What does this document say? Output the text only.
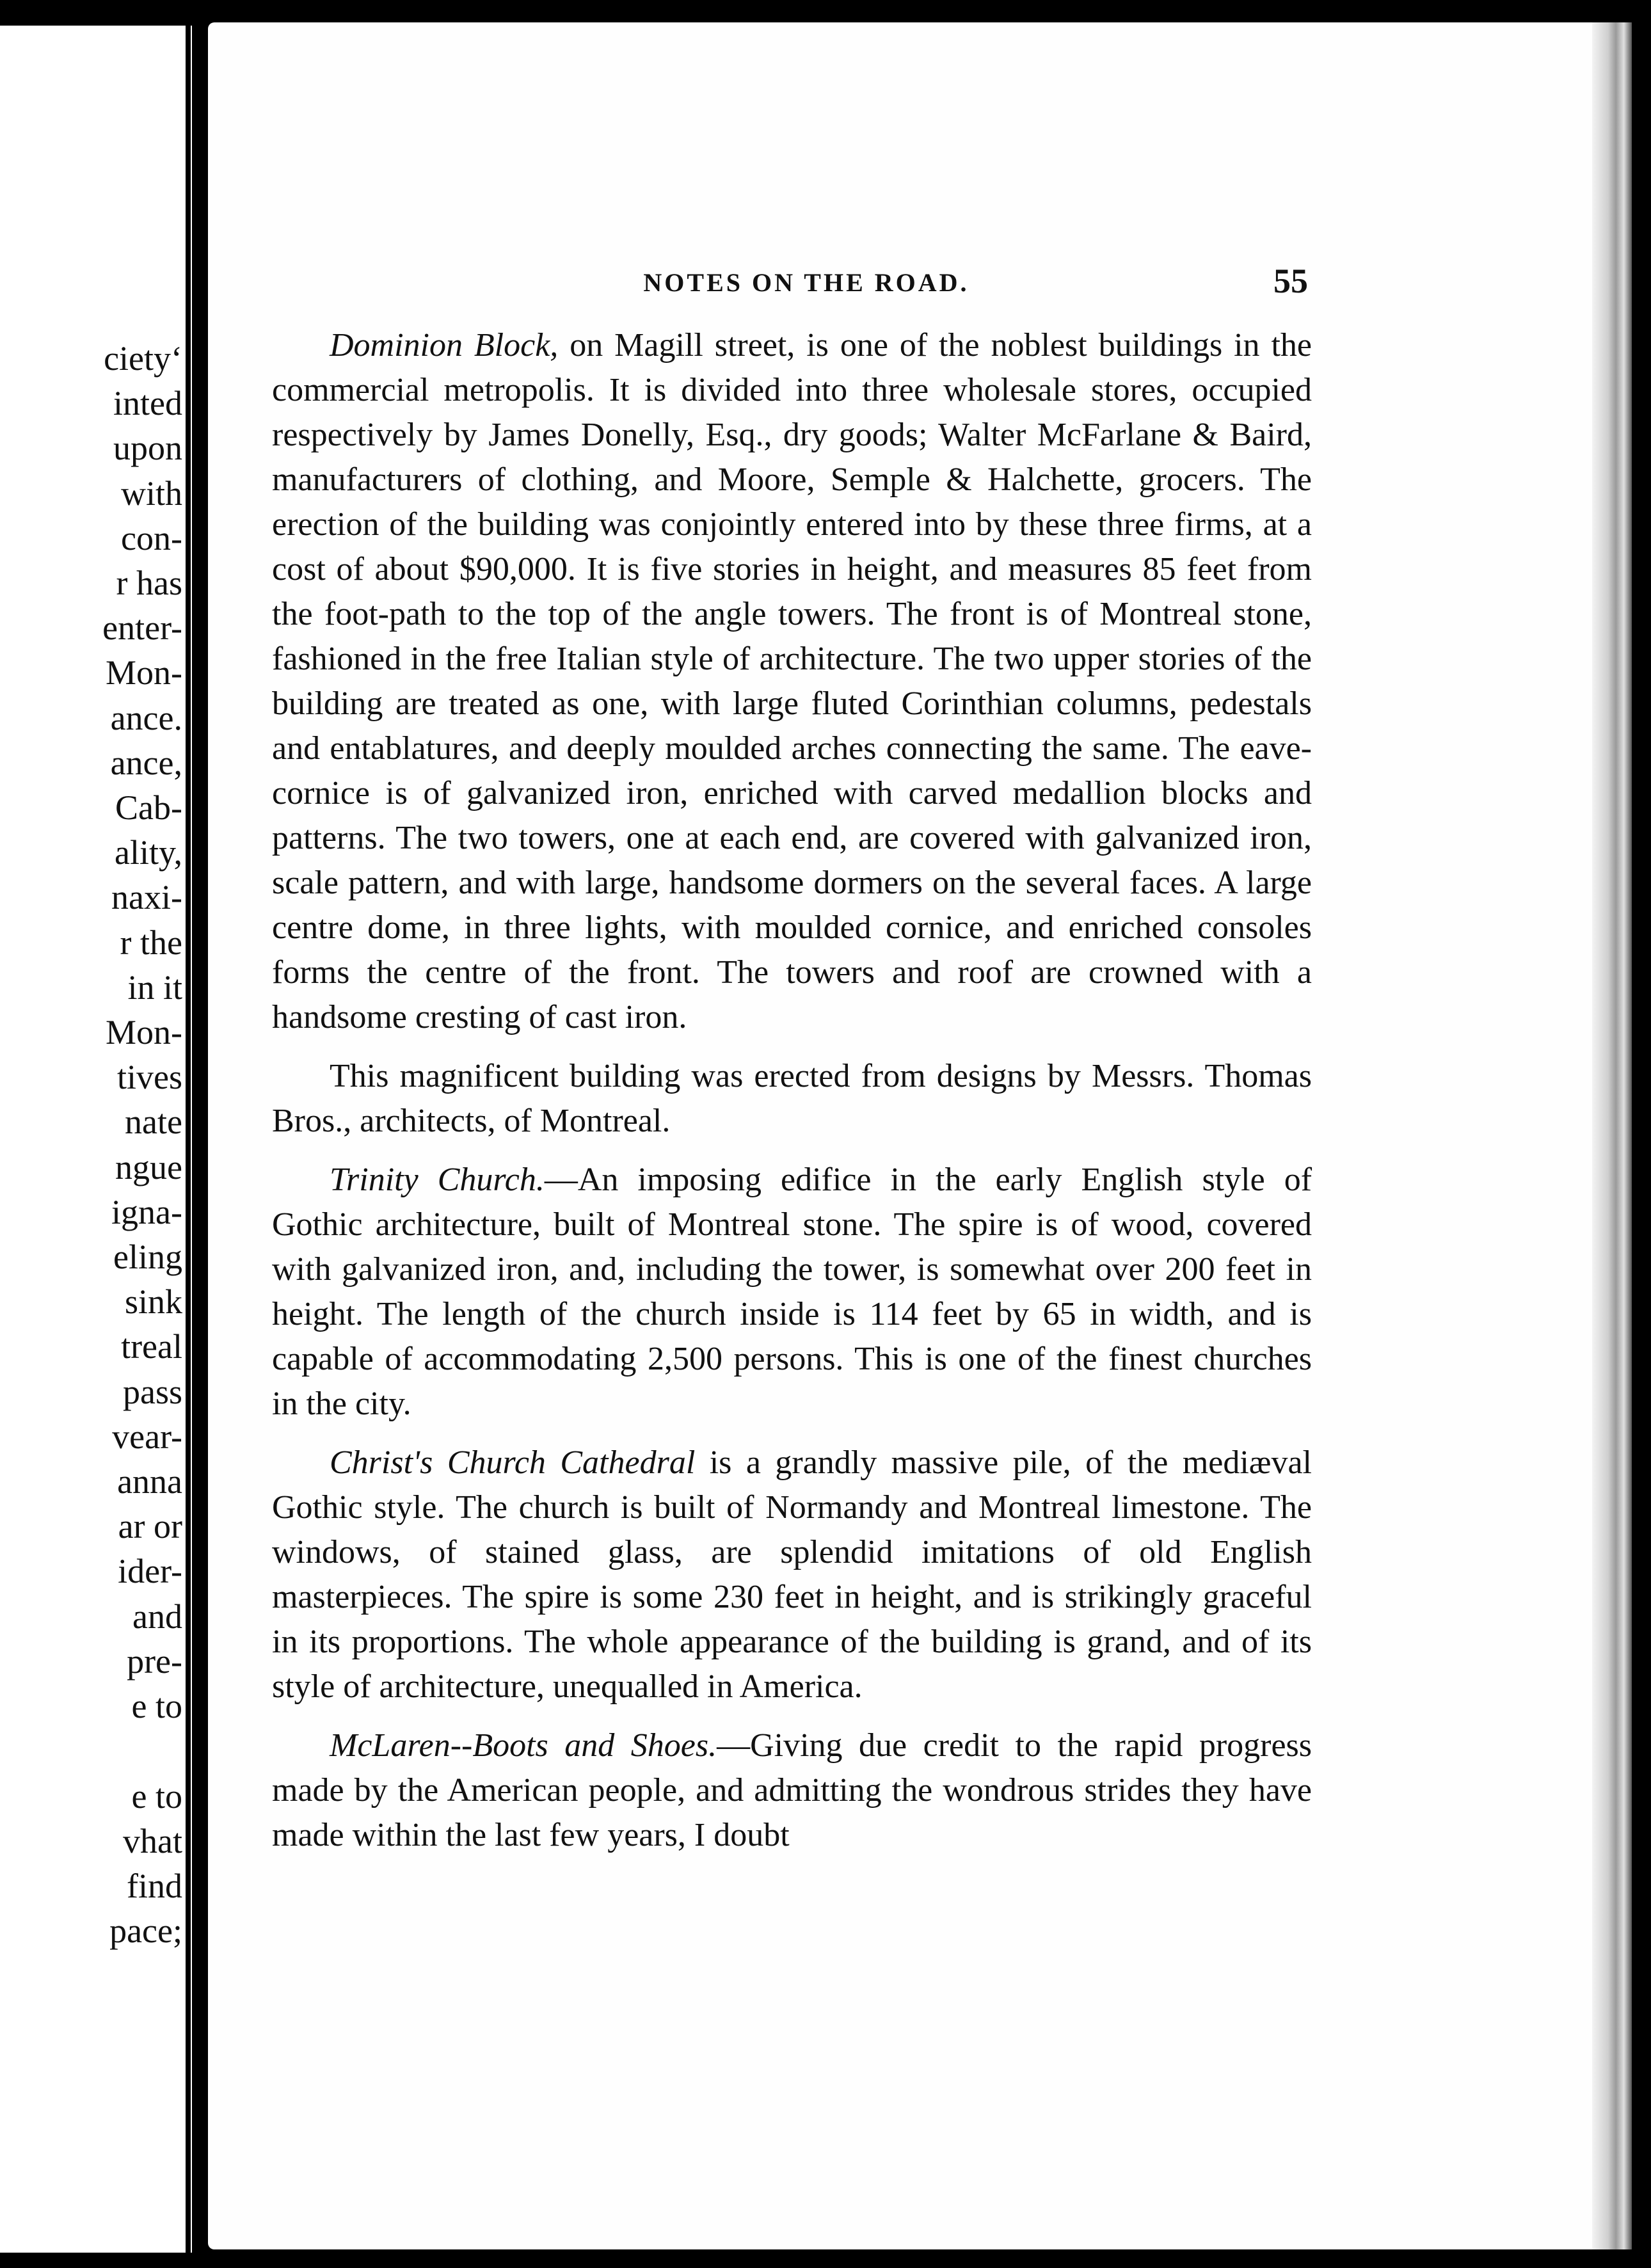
ciety‘
inted
upon
with
con-
r has
enter-
Mon-
ance.
ance,
Cab-
ality,
naxi-
r the
in it
Mon-
tives
nate
ngue
igna-
eling
sink
treal
pass
vear-
anna
ar or
ider-
and
pre-
e to

e to
vhat
find
pace;
NOTES ON THE ROAD.	55

Dominion Block, on Magill street, is one of the noblest buildings in the commercial metropolis. It is divided into three wholesale stores, occupied respectively by James Donelly, Esq., dry goods; Walter McFarlane & Baird, manufacturers of clothing, and Moore, Semple & Halchette, grocers. The erection of the building was conjointly entered into by these three firms, at a cost of about $90,000. It is five stories in height, and measures 85 feet from the foot-path to the top of the angle towers. The front is of Montreal stone, fashioned in the free Italian style of architecture. The two upper stories of the building are treated as one, with large fluted Corinthian columns, pedestals and entablatures, and deeply moulded arches connecting the same. The eave-cornice is of galvanized iron, enriched with carved medallion blocks and patterns. The two towers, one at each end, are covered with galvanized iron, scale pattern, and with large, handsome dormers on the several faces. A large centre dome, in three lights, with moulded cornice, and enriched consoles forms the centre of the front. The towers and roof are crowned with a handsome cresting of cast iron.

This magnificent building was erected from designs by Messrs. Thomas Bros., architects, of Montreal.

Trinity Church.—An imposing edifice in the early English style of Gothic architecture, built of Montreal stone. The spire is of wood, covered with galvanized iron, and, including the tower, is somewhat over 200 feet in height. The length of the church inside is 114 feet by 65 in width, and is capable of accommodating 2,500 persons. This is one of the finest churches in the city.

Christ's Church Cathedral is a grandly massive pile, of the mediæval Gothic style. The church is built of Normandy and Montreal limestone. The windows, of stained glass, are splendid imitations of old English masterpieces. The spire is some 230 feet in height, and is strikingly graceful in its proportions. The whole appearance of the building is grand, and of its style of architecture, unequalled in America.

McLaren--Boots and Shoes.—Giving due credit to the rapid progress made by the American people, and admitting the wondrous strides they have made within the last few years, I doubt
